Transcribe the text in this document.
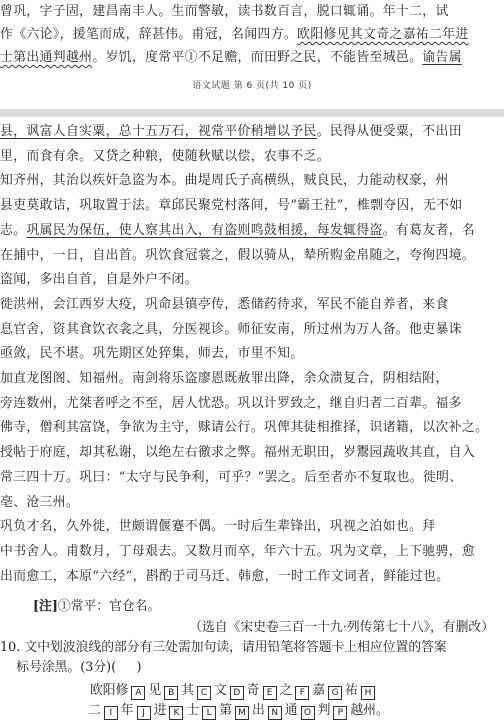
曾巩，字子固，建昌南丰人。生而警敏，读书数百言，脱口辄诵。年十二，试
作《六论》，援笔而成，辞甚伟。甫冠，名闻四方。欧阳修见其文奇之嘉祐二年进
士第出通判越州。岁饥，度常平①不足赡，而田野之民，不能皆至城邑。谕告属
语文试题 第 6 页(共 10 页)
县，讽富人自实粟，总十五万石，视常平价稍增以予民。民得从便受粟，不出田
里，而食有余。又贷之种粮，使随秋赋以偿，农事不乏。
知齐州，其治以疾奸急盗为本。曲堤周氏子高横纵，贼良民，力能动权豪，州
县吏莫敢诘，巩取置于法。章邱民聚党村落间，号“霸王社”，椎剽夺囚，无不如
志。巩属民为保伍，使人察其出入，有盗则鸣鼓相援，每发辄得盗。有葛友者，名
在捕中，一日，自出首。巩饮食冠裳之，假以骑从，辇所购金帛随之，夸徇四境。
盗闻，多出自首，自是外户不闭。
徙洪州，会江西岁大疫，巩命县镇亭传，悉储药待求，军民不能自养者，来食
息官舍，资其食饮衣衾之具，分医视诊。师征安南，所过州为万人备。他吏暴诛
亟敛，民不堪。巩先期区处猝集，师去，市里不知。
加直龙图阁、知福州。南剑将乐盗廖恩既赦罪出降，余众溃复合，阴相结附，
旁连数州，尤桀者呼之不至，居人忧恐。巩以计罗致之，继自归者二百辈。福多
佛寺，僧利其富饶，争欲为主守，赇请公行。巩俾其徒相推择，识诸籍，以次补之。
授帖于府庭，却其私谢，以绝左右徼求之弊。福州无职田，岁鬻园蔬收其直，自入
常三四十万。巩曰：“太守与民争利，可乎？”罢之。后至者亦不复取也。徙明、
亳、沧三州。
巩负才名，久外徙，世颇谓偃蹇不偶。一时后生辈锋出，巩视之泊如也。拜
中书舍人。甫数月，丁母艰去。又数月而卒，年六十五。巩为文章，上下驰骋，愈
出而愈工，本原“六经”，斟酌于司马迁、韩愈，一时工作文词者，鲜能过也。
[注]①常平：官仓名。
（选自《宋史卷三百一十九·列传第七十八》，有删改）
10. 文中划波浪线的部分有三处需加句读，请用铅笔将答题卡上相应位置的答案
标号涂黑。(3分)(     )
欧阳修 A 见 B 其 C 文 D 奇 E 之 F 嘉 G 祐 H
二 I 年 J 进 K 士 L 第 M 出 N 通 O 判 P 越州。
